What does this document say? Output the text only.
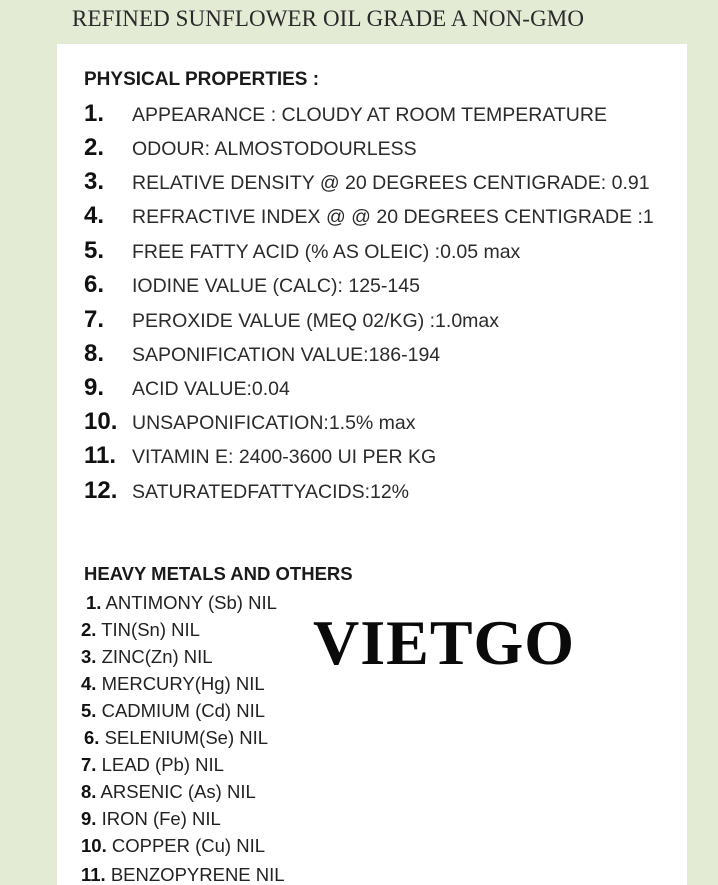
REFINED SUNFLOWER OIL GRADE A NON-GMO
PHYSICAL PROPERTIES :
1. APPEARANCE : CLOUDY AT ROOM TEMPERATURE
2. ODOUR: ALMOSTODOURLESS
3. RELATIVE DENSITY @ 20 DEGREES CENTIGRADE: 0.91
4. REFRACTIVE INDEX @ @ 20 DEGREES CENTIGRADE :1
5. FREE FATTY ACID (% AS OLEIC) :0.05 max
6. IODINE VALUE (CALC): 125-145
7. PEROXIDE VALUE (MEQ 02/KG) :1.0max
8. SAPONIFICATION VALUE:186-194
9. ACID VALUE:0.04
10. UNSAPONIFICATION:1.5% max
11. VITAMIN E: 2400-3600 UI PER KG
12. SATURATEDFATTYACIDS:12%
HEAVY METALS AND OTHERS
1. ANTIMONY (Sb) NIL
2. TIN(Sn) NIL
3. ZINC(Zn) NIL
4. MERCURY(Hg) NIL
5. CADMIUM (Cd) NIL
6. SELENIUM(Se) NIL
7. LEAD (Pb) NIL
8. ARSENIC (As) NIL
9. IRON (Fe) NIL
10. COPPER (Cu) NIL
11. BENZOPYRENE NIL
VIETGO
